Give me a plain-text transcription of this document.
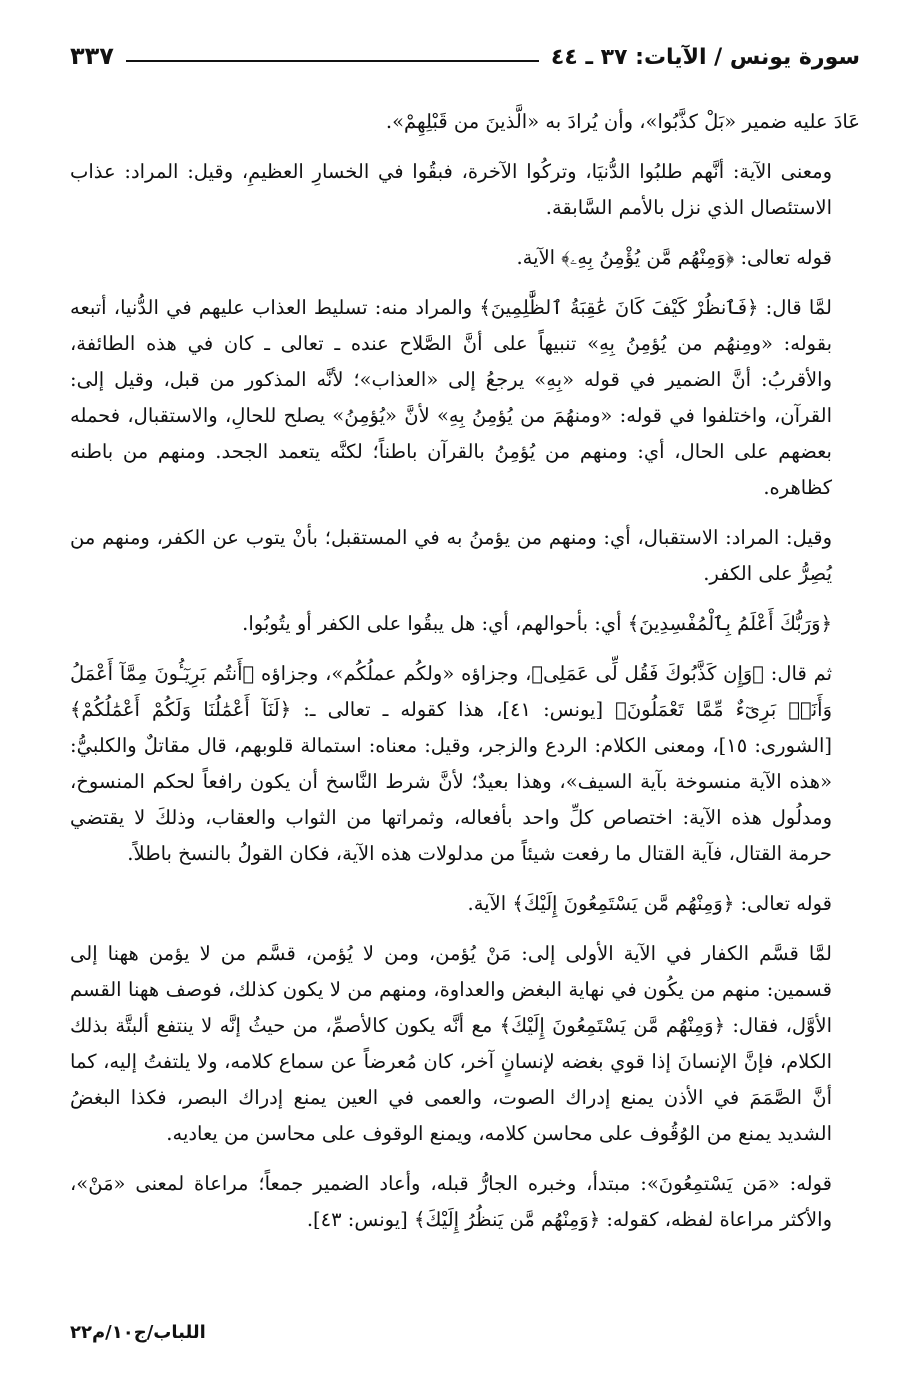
سورة يونس / الآيات: ٣٧ ـ ٤٤
٣٣٧

عَادَ عليه ضمير «بَلْ كذَّبُوا»، وأن يُرادَ به «الَّذينَ من قَبْلِهِمْ».

ومعنى الآية: أنَّهم طلبُوا الدُّنيَا، وتركُوا الآخرة، فبقُوا في الخسارِ العظيمِ، وقيل: المراد: عذاب الاستئصال الذي نزل بالأمم السَّابقة.

قوله تعالى: ﴿وَمِنْهُم مَّن يُؤْمِنُ بِهِۦ﴾ الآية.

لمَّا قال: ﴿فَٱنظُرْ كَيْفَ كَانَ عَٰقِبَةُ ٱلظَّٰلِمِينَ﴾ والمراد منه: تسليط العذاب عليهم في الدُّنيا، أتبعه بقوله: «ومِنهُم من يُؤمِنُ بِهِ» تنبيهاً على أنَّ الصَّلاح عنده ـ تعالى ـ كان في هذه الطائفة، والأقربُ: أنَّ الضمير في قوله «بِهِ» يرجعُ إلى «العذاب»؛ لأنَّه المذكور من قبل، وقيل إلى: القرآن، واختلفوا في قوله: «ومنهُمَ من يُؤمِنُ بِهِ» لأنَّ «يُؤمِنُ» يصلح للحالِ، والاستقبال، فحمله بعضهم على الحال، أي: ومنهم من يُؤمِنُ بالقرآن باطناً؛ لكنَّه يتعمد الجحد. ومنهم من باطنه كظاهره.

وقيل: المراد: الاستقبال، أي: ومنهم من يؤمنُ به في المستقبل؛ بأنْ يتوب عن الكفر، ومنهم من يُصِرُّ على الكفر.

﴿وَرَبُّكَ أَعْلَمُ بِٱلْمُفْسِدِينَ﴾ أي: بأحوالهم، أي: هل يبقُوا على الكفر أو يتُوبُوا.

ثم قال: ﴿وَإِن كَذَّبُوكَ فَقُل لِّى عَمَلِى﴾، وجزاؤه «ولكُم عملُكُم»، وجزاؤه ﴿أَنتُم بَرِيٓـُٔونَ مِمَّآ أَعْمَلُ وَأَنَا۠ بَرِىٓءٌ مِّمَّا تَعْمَلُونَ﴾ [يونس: ٤١]، هذا كقوله ـ تعالى ـ: ﴿لَنَآ أَعْمَٰلُنَا وَلَكُمْ أَعْمَٰلُكُمْ﴾ [الشورى: ١٥]، ومعنى الكلام: الردع والزجر، وقيل: معناه: استمالة قلوبهم، قال مقاتلٌ والكلبيُّ: «هذه الآية منسوخة بآية السيف»، وهذا بعيدٌ؛ لأنَّ شرط النَّاسخ أن يكون رافعاً لحكم المنسوخ، ومدلُول هذه الآية: اختصاص كلِّ واحد بأفعاله، وثمراتها من الثواب والعقاب، وذلكَ لا يقتضي حرمة القتال، فآية القتال ما رفعت شيئاً من مدلولات هذه الآية، فكان القولُ بالنسخ باطلاً.

قوله تعالى: ﴿وَمِنْهُم مَّن يَسْتَمِعُونَ إِلَيْكَ﴾ الآية.

لمَّا قسَّم الكفار في الآية الأولى إلى: مَنْ يُؤمن، ومن لا يُؤمن، قسَّم من لا يؤمن ههنا إلى قسمين: منهم من يكُون في نهاية البغض والعداوة، ومنهم من لا يكون كذلك، فوصف ههنا القسم الأوَّل، فقال: ﴿وَمِنْهُم مَّن يَسْتَمِعُونَ إِلَيْكَ﴾ مع أنَّه يكون كالأصمِّ، من حيثُ إنَّه لا ينتفع ألبتَّة بذلك الكلام، فإنَّ الإنسانَ إذا قوي بغضه لإنسانٍ آخر، كان مُعرضاً عن سماع كلامه، ولا يلتفتُ إليه، كما أنَّ الصَّمَمَ في الأذن يمنع إدراك الصوت، والعمى في العين يمنع إدراك البصر، فكذا البغضُ الشديد يمنع من الوُقُوف على محاسن كلامه، ويمنع الوقوف على محاسن من يعاديه.

قوله: «مَن يَسْتمِعُونَ»: مبتدأ، وخبره الجارُّ قبله، وأعاد الضمير جمعاً؛ مراعاة لمعنى «مَنْ»، والأكثر مراعاة لفظه، كقوله: ﴿وَمِنْهُم مَّن يَنظُرُ إِلَيْكَ﴾ [يونس: ٤٣].

اللباب/ج١٠/م٢٢
